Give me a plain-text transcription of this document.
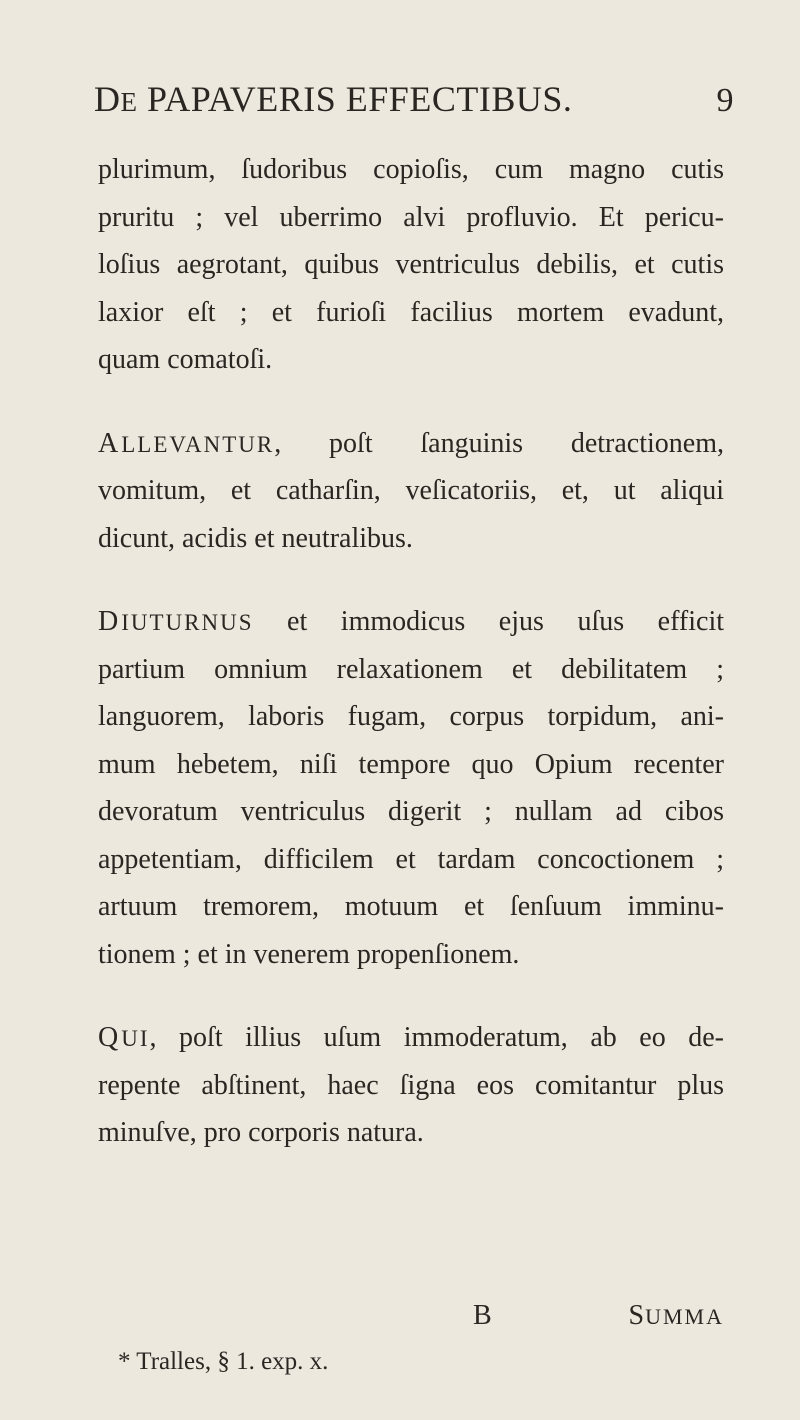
DE PAPAVERIS EFFECTIBUS.	9
plurimum, ſudoribus copioſis, cum magno cutis
pruritu ; vel uberrimo alvi profluvio. Et pericu-
loſius aegrotant, quibus ventriculus debilis, et cutis
laxior eſt ; et furioſi facilius mortem evadunt,
quam comatoſi.
ALLEVANTUR, poſt ſanguinis detractionem,
vomitum, et catharſin, veſicatoriis, et, ut aliqui
dicunt, acidis et neutralibus.
DIUTURNUS et immodicus ejus uſus efficit
partium omnium relaxationem et debilitatem ;
languorem, laboris fugam, corpus torpidum, ani-
mum hebetem, niſi tempore quo Opium recenter
devoratum ventriculus digerit ; nullam ad cibos
appetentiam, difficilem et tardam concoctionem ;
artuum tremorem, motuum et ſenſuum imminu-
tionem ; et in venerem propenſionem.
QUI, poſt illius uſum immoderatum, ab eo de-
repente abſtinent, haec ſigna eos comitantur plus
minuſve, pro corporis natura.
B	SUMMA
* Tralles, § 1. exp. x.
